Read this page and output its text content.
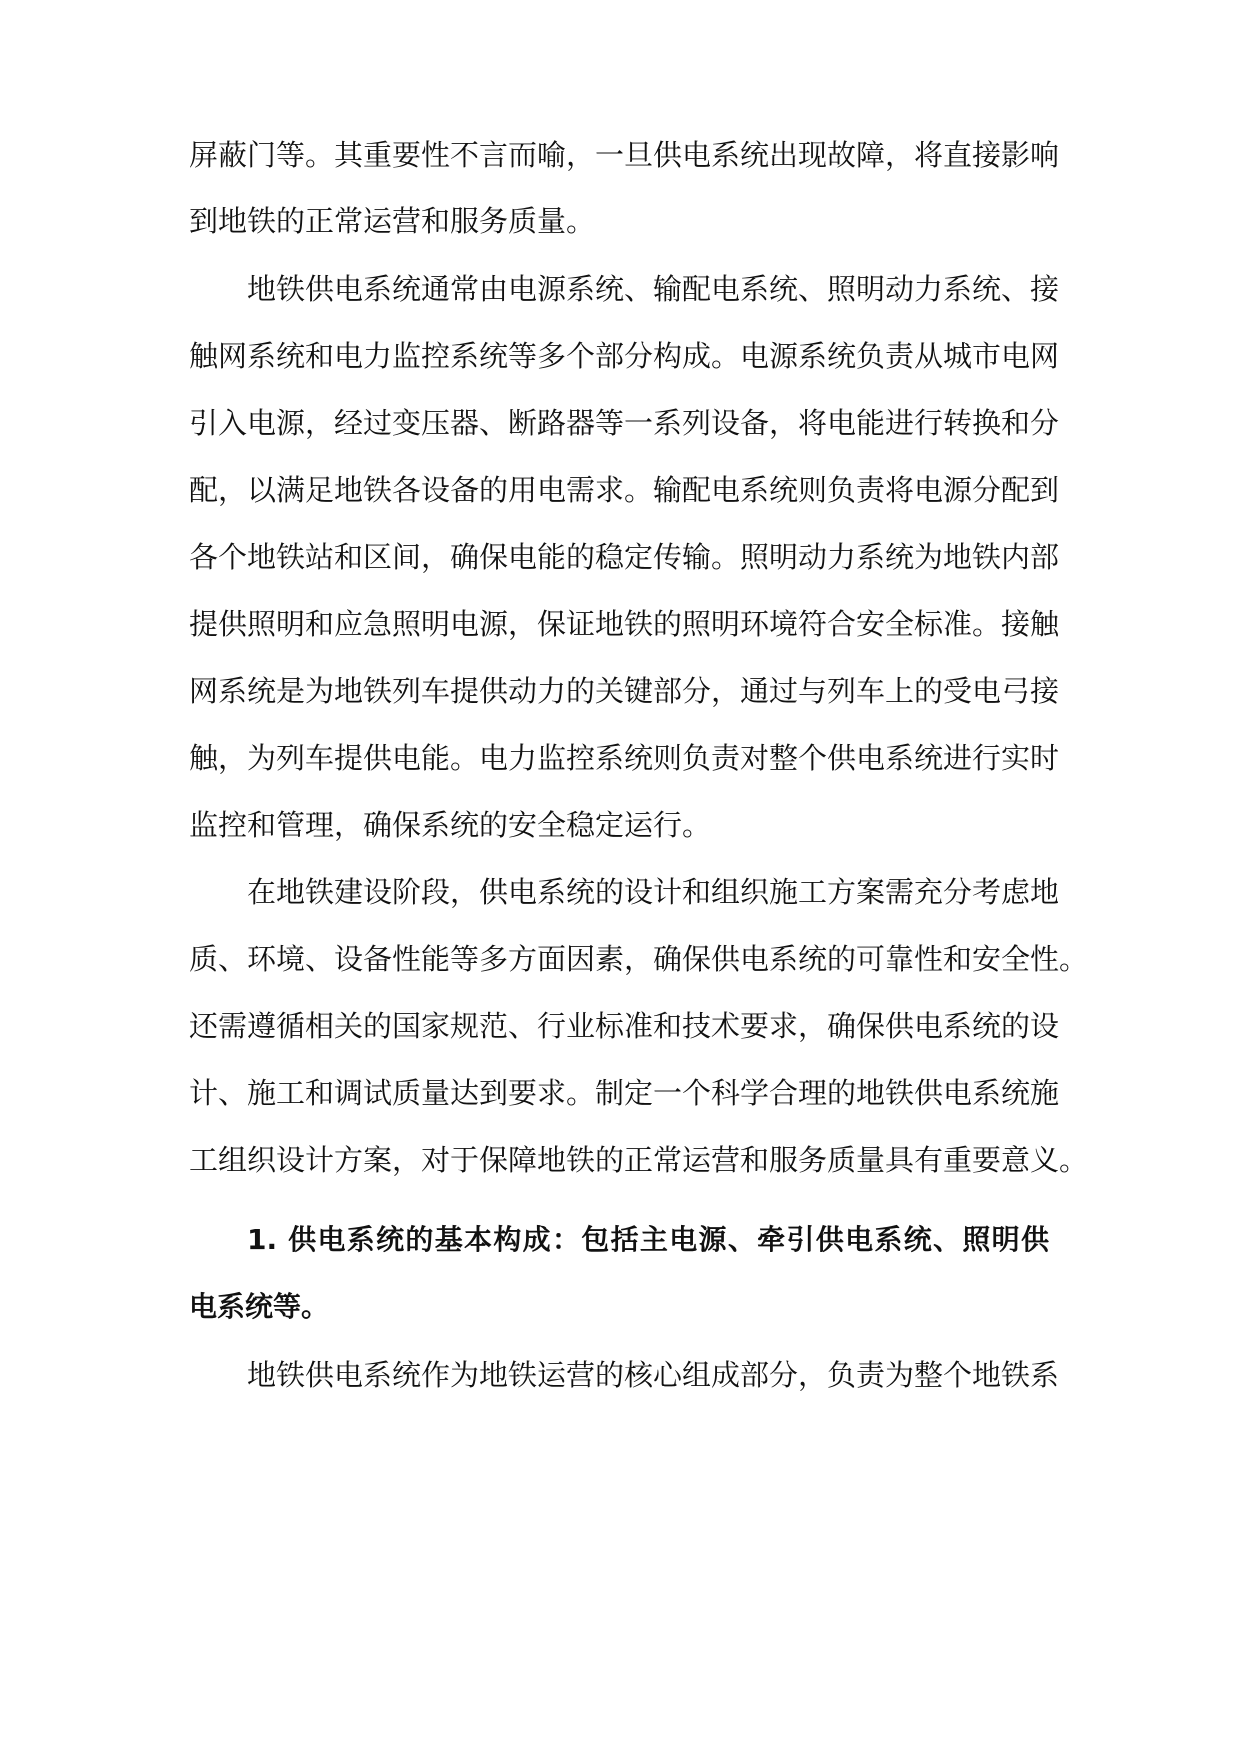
屏蔽门等。其重要性不言而喻，一旦供电系统出现故障，将直接影响
到地铁的正常运营和服务质量。
地铁供电系统通常由电源系统、输配电系统、照明动力系统、接
触网系统和电力监控系统等多个部分构成。电源系统负责从城市电网
引入电源，经过变压器、断路器等一系列设备，将电能进行转换和分
配，以满足地铁各设备的用电需求。输配电系统则负责将电源分配到
各个地铁站和区间，确保电能的稳定传输。照明动力系统为地铁内部
提供照明和应急照明电源，保证地铁的照明环境符合安全标准。接触
网系统是为地铁列车提供动力的关键部分，通过与列车上的受电弓接
触，为列车提供电能。电力监控系统则负责对整个供电系统进行实时
监控和管理，确保系统的安全稳定运行。
在地铁建设阶段，供电系统的设计和组织施工方案需充分考虑地
质、环境、设备性能等多方面因素，确保供电系统的可靠性和安全性。
还需遵循相关的国家规范、行业标准和技术要求，确保供电系统的设
计、施工和调试质量达到要求。制定一个科学合理的地铁供电系统施
工组织设计方案，对于保障地铁的正常运营和服务质量具有重要意义。
1. 供电系统的基本构成：包括主电源、牵引供电系统、照明供
电系统等。
地铁供电系统作为地铁运营的核心组成部分，负责为整个地铁系
